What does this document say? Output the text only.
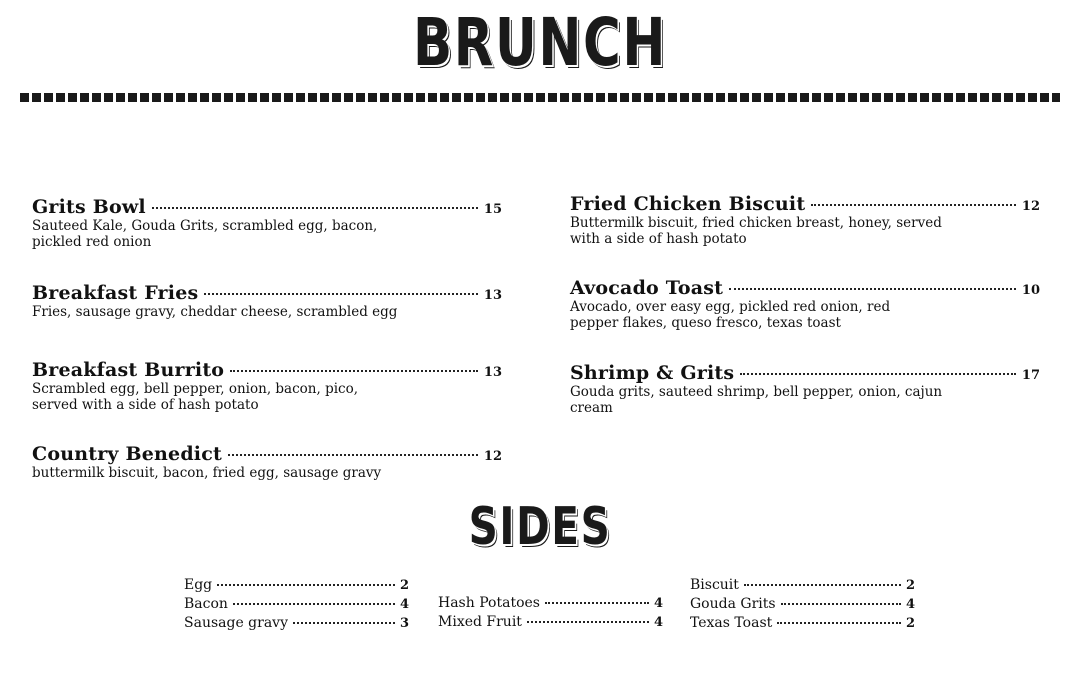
BRUNCH
Grits Bowl	15
Sauteed Kale, Gouda Grits, scrambled egg, bacon, pickled red onion
Breakfast Fries	13
Fries, sausage gravy, cheddar cheese, scrambled egg
Breakfast Burrito	13
Scrambled egg, bell pepper, onion, bacon, pico, served with a side of hash potato
Country Benedict	12
buttermilk biscuit, bacon, fried egg, sausage gravy
Fried Chicken Biscuit	12
Buttermilk biscuit, fried chicken breast, honey, served with a side of hash potato
Avocado Toast	10
Avocado, over easy egg, pickled red onion, red pepper flakes, queso fresco, texas toast
Shrimp & Grits	17
Gouda grits, sauteed shrimp, bell pepper, onion, cajun cream
SIDES
Egg	2
Bacon	4
Sausage gravy	3
Hash Potatoes	4
Mixed Fruit	4
Biscuit	2
Gouda Grits	4
Texas Toast	2
